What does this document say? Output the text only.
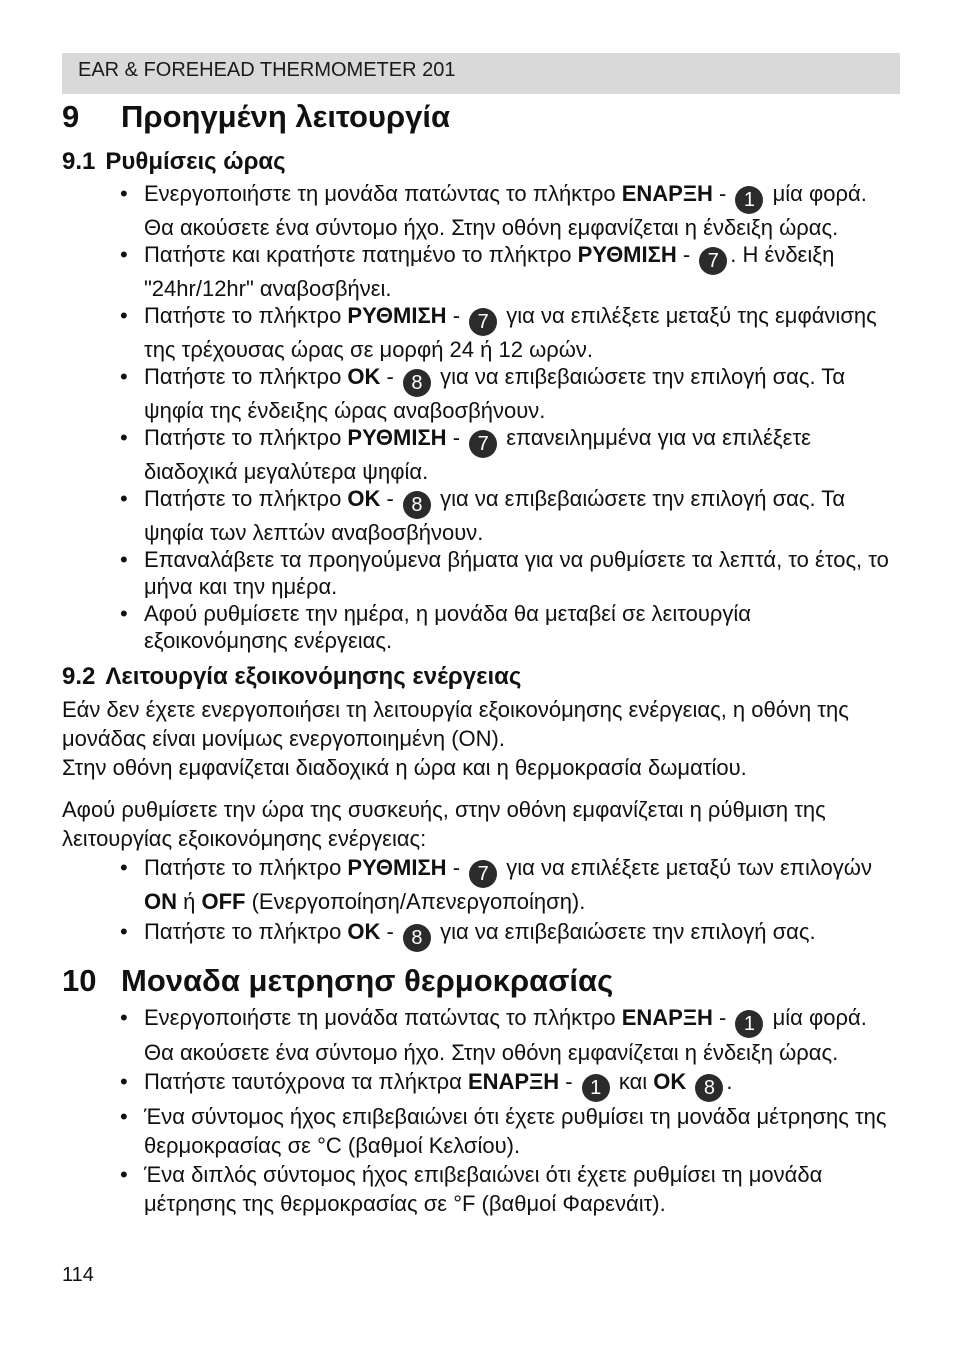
EAR & FOREHEAD THERMOMETER 201
9 Προηγμένη λειτουργία
9.1 Ρυθμίσεις ώρας
• Ενεργοποιήστε τη μονάδα πατώντας το πλήκτρο ΕΝΑΡΞΗ - 1 μία φορά. Θα ακούσετε ένα σύντομο ήχο. Στην οθόνη εμφανίζεται η ένδειξη ώρας.
• Πατήστε και κρατήστε πατημένο το πλήκτρο ΡΥΘΜΙΣΗ - 7 . Η ένδειξη "24hr/12hr" αναβοσβήνει.
• Πατήστε το πλήκτρο ΡΥΘΜΙΣΗ - 7 για να επιλέξετε μεταξύ της εμφάνισης της τρέχουσας ώρας σε μορφή 24 ή 12 ωρών.
• Πατήστε το πλήκτρο OK - 8 για να επιβεβαιώσετε την επιλογή σας. Τα ψηφία της ένδειξης ώρας αναβοσβήνουν.
• Πατήστε το πλήκτρο ΡΥΘΜΙΣΗ - 7 επανειλημμένα για να επιλέξετε διαδοχικά μεγαλύτερα ψηφία.
• Πατήστε το πλήκτρο OK - 8 για να επιβεβαιώσετε την επιλογή σας. Τα ψηφία των λεπτών αναβοσβήνουν.
• Επαναλάβετε τα προηγούμενα βήματα για να ρυθμίσετε τα λεπτά, το έτος, το μήνα και την ημέρα.
• Αφού ρυθμίσετε την ημέρα, η μονάδα θα μεταβεί σε λειτουργία εξοικονόμησης ενέργειας.
9.2 Λειτουργία εξοικονόμησης ενέργειας
Εάν δεν έχετε ενεργοποιήσει τη λειτουργία εξοικονόμησης ενέργειας, η οθόνη της μονάδας είναι μονίμως ενεργοποιημένη (ON).
Στην οθόνη εμφανίζεται διαδοχικά η ώρα και η θερμοκρασία δωματίου.
Αφού ρυθμίσετε την ώρα της συσκευής, στην οθόνη εμφανίζεται η ρύθμιση της λειτουργίας εξοικονόμησης ενέργειας:
• Πατήστε το πλήκτρο ΡΥΘΜΙΣΗ - 7 για να επιλέξετε μεταξύ των επιλογών ON ή OFF (Ενεργοποίηση/Απενεργοποίηση).
• Πατήστε το πλήκτρο OK - 8 για να επιβεβαιώσετε την επιλογή σας.
10 Μοναδα μετρησησ θερμοκρασίας
• Ενεργοποιήστε τη μονάδα πατώντας το πλήκτρο ΕΝΑΡΞΗ - 1 μία φορά. Θα ακούσετε ένα σύντομο ήχο. Στην οθόνη εμφανίζεται η ένδειξη ώρας.
• Πατήστε ταυτόχρονα τα πλήκτρα ΕΝΑΡΞΗ - 1 και OK 8 .
• Ένα σύντομος ήχος επιβεβαιώνει ότι έχετε ρυθμίσει τη μονάδα μέτρησης της θερμοκρασίας σε °C (βαθμοί Κελσίου).
• Ένα διπλός σύντομος ήχος επιβεβαιώνει ότι έχετε ρυθμίσει τη μονάδα μέτρησης της θερμοκρασίας σε °F (βαθμοί Φαρενάιτ).
114
